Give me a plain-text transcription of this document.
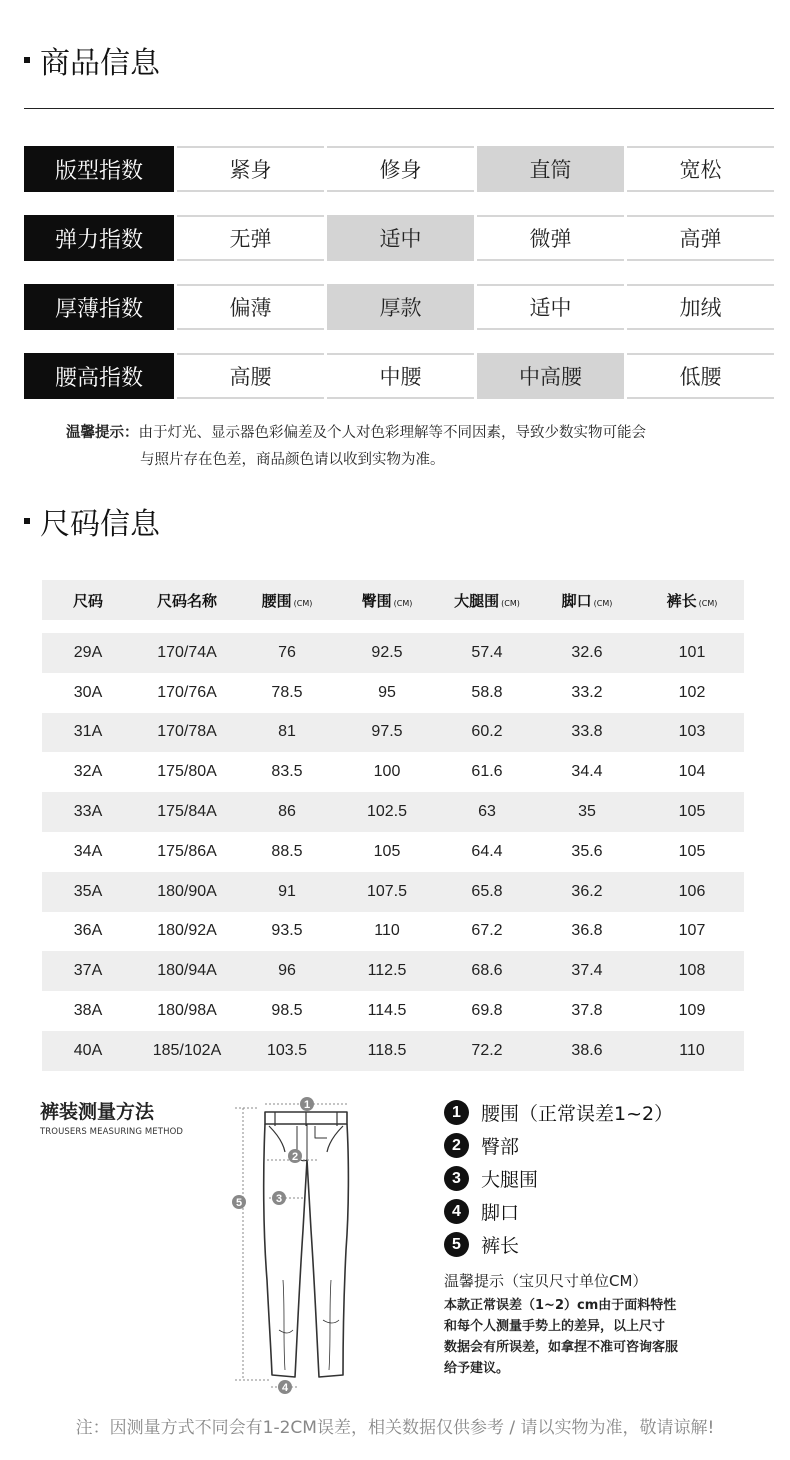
商品信息
版型指数	紧身	修身	直筒	宽松
弹力指数	无弹	适中	微弹	高弹
厚薄指数	偏薄	厚款	适中	加绒
腰高指数	高腰	中腰	中高腰	低腰
温馨提示：由于灯光、显示器色彩偏差及个人对色彩理解等不同因素，导致少数实物可能会
与照片存在色差，商品颜色请以收到实物为准。
尺码信息
尺码	尺码名称	腰围 (CM)	臀围 (CM)	大腿围 (CM)	脚口 (CM)	裤长 (CM)

29A	170/74A	76	92.5	57.4	32.6	101
30A	170/76A	78.5	95	58.8	33.2	102
31A	170/78A	81	97.5	60.2	33.8	103
32A	175/80A	83.5	100	61.6	34.4	104
33A	175/84A	86	102.5	63	35	105
34A	175/86A	88.5	105	64.4	35.6	105
35A	180/90A	91	107.5	65.8	36.2	106
36A	180/92A	93.5	110	67.2	36.8	107
37A	180/94A	96	112.5	68.6	37.4	108
38A	180/98A	98.5	114.5	69.8	37.8	109
40A	185/102A	103.5	118.5	72.2	38.6	110
裤装测量方法
TROUSERS MEASURING METHOD
1
2
3
4
5
1	腰围（正常误差1~2）
2	臀部
3	大腿围
4	脚口
5	裤长
温馨提示（宝贝尺寸单位CM）
本款正常误差（1~2）cm由于面料特性
和每个人测量手势上的差异，以上尺寸
数据会有所误差，如拿捏不准可咨询客服
给予建议。
注：因测量方式不同会有1-2CM误差，相关数据仅供参考 / 请以实物为准，敬请谅解!
